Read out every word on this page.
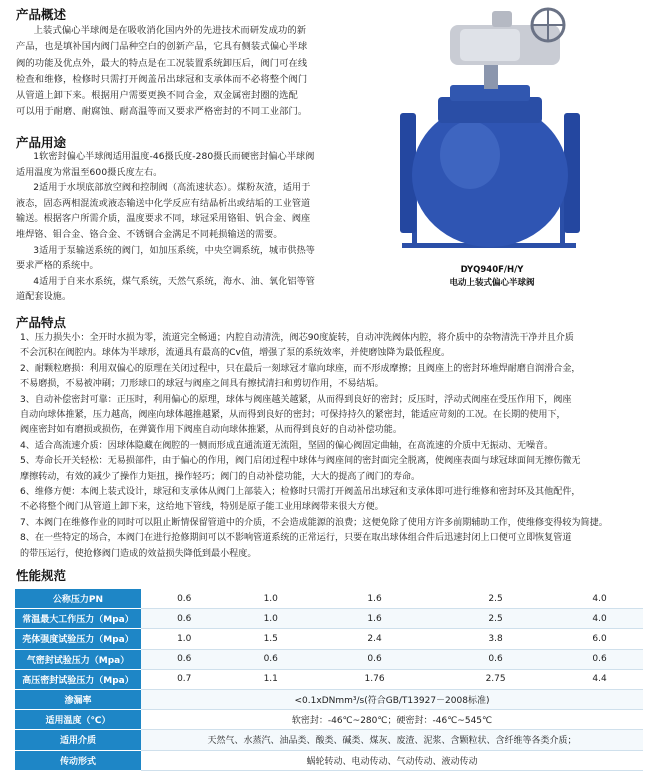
产品概述

上装式偏心半球阀是在吸收消化国内外的先进技术而研发成功的新

产品，也是填补国内阀门品种空白的创新产品，它具有侧装式偏心半球

阀的功能及优点外，最大的特点是在工况装置系统卸压后，阀门可在线

检查和维修，检修时只需打开阀盖吊出球冠和支承体而不必将整个阀门

从管道上卸下来。根据用户需要更换不同合金，双金属密封圈的选配

可以用于耐磨、耐腐蚀、耐高温等而又要求严格密封的不同工业部门。

产品用途

1软密封偏心半球阀适用温度-46摄氏度-280摄氏而硬密封偏心半球阀

适用温度为常温至600摄氏度左右。

2适用于水坝底部放空阀和控制阀（高流速状态）。煤粉灰渣，适用于

液态，固态两相混流或液态输送中化学反应有结晶析出或结垢的工业管道

输送。根据客户所需介质，温度要求不同，球冠采用铬钼、钒合金、阀座

堆焊铬、钼合金、铬合金、不锈钢合金满足不同耗损输送的需要。

3适用于泵输送系统的阀门，如加压系统，中央空调系统，城市供热等

要求严格的系统中。

4适用于自来水系统，煤气系统，天然气系统，海水、油、氧化铝等管

道配套设施。

DYQ940F/H/Y
电动上装式偏心半球阀
产品特点

1、压力损失小：全开时水损为零，流道完全畅通；内腔自动清洗，阀芯90度旋转，自动冲洗阀体内腔，将介质中的杂物清洗干净并且介质

不会沉积在阀腔内。球体为半球形，流通具有最高的Cv值，增强了泵的系统效率，并使磨蚀降为最低程度。

2、耐颗粒磨损：利用双偏心的原理在关闭过程中，只在最后一刻球冠才靠向球座，而不形成摩擦；且阀座上的密封环堆焊耐磨自润滑合金，

不易磨损，不易被冲刷；刀形球口的球冠与阀座之间具有擦拭清扫和剪切作用，不易结垢。

3、自动补偿密封可靠：正压时，利用偏心的原理，球体与阀座越关越紧，从而得到良好的密封；反压时，浮动式阀座在受压作用下，阀座

自动向球体推紧，压力越高，阀座向球体越推越紧，从而得到良好的密封；可保持持久的紧密封，能适应苛刻的工况。在长期的使用下，

阀座密封如有磨损或损伤，在弹簧作用下阀座自动向球体推紧，从而得到良好的自动补偿功能。

4、适合高流速介质：因球体隐藏在阀腔的一侧而形成直通流道无流阻，坚固的偏心阀固定曲轴，在高流速的介质中无振动、无噪音。

5、寿命长开关轻松：无易损部件，由于偏心的作用，阀门启闭过程中球体与阀座间的密封面完全脱离，使阀座表面与球冠球面间无擦伤微无

摩擦转动，有效的减少了操作力矩扭，操作轻巧；阀门的自动补偿功能，大大的提高了阀门的寿命。

6、维修方便：本阀上装式设计，球冠和支承体从阀门上部装入；检修时只需打开阀盖吊出球冠和支承体即可进行维修和密封环及其他配件，

不必将整个阀门从管道上卸下来，这给地下管线，特别是原子能工业用球阀带来很大方便。

7、本阀门在维修作业的同时可以阻止断情保留管道中的介质，不会造成能源的浪费；这便免除了使用方许多前期辅助工作，使维修变得较为简捷。

8、在一些特定的场合，本阀门在进行抢修期间可以不影响管道系统的正常运行，只要在取出球体组合件后迅速封闭上口便可立即恢复管道

的带压运行，使抢修阀门造成的效益损失降低到最小程度。

性能规范
公称压力PN	0.6	1.0	1.6	2.5	4.0
常温最大工作压力（Mpa）	0.6	1.0	1.6	2.5	4.0
壳体强度试验压力（Mpa）	1.0	1.5	2.4	3.8	6.0
气密封试验压力（Mpa）	0.6	0.6	0.6	0.6	0.6
高压密封试验压力（Mpa）	0.7	1.1	1.76	2.75	4.4
渗漏率	<0.1xDNmm³/s(符合GB/T13927－2008标准)				
适用温度（℃）	软密封：-46℃~280℃；硬密封：-46℃~545℃				
适用介质	天然气、水蒸汽、油品类、酸类、碱类、煤灰、废渣、泥浆、含颗粒状、含纤维等各类介质；				
传动形式	蜗轮转动、电动传动、气动传动、液动传动				
